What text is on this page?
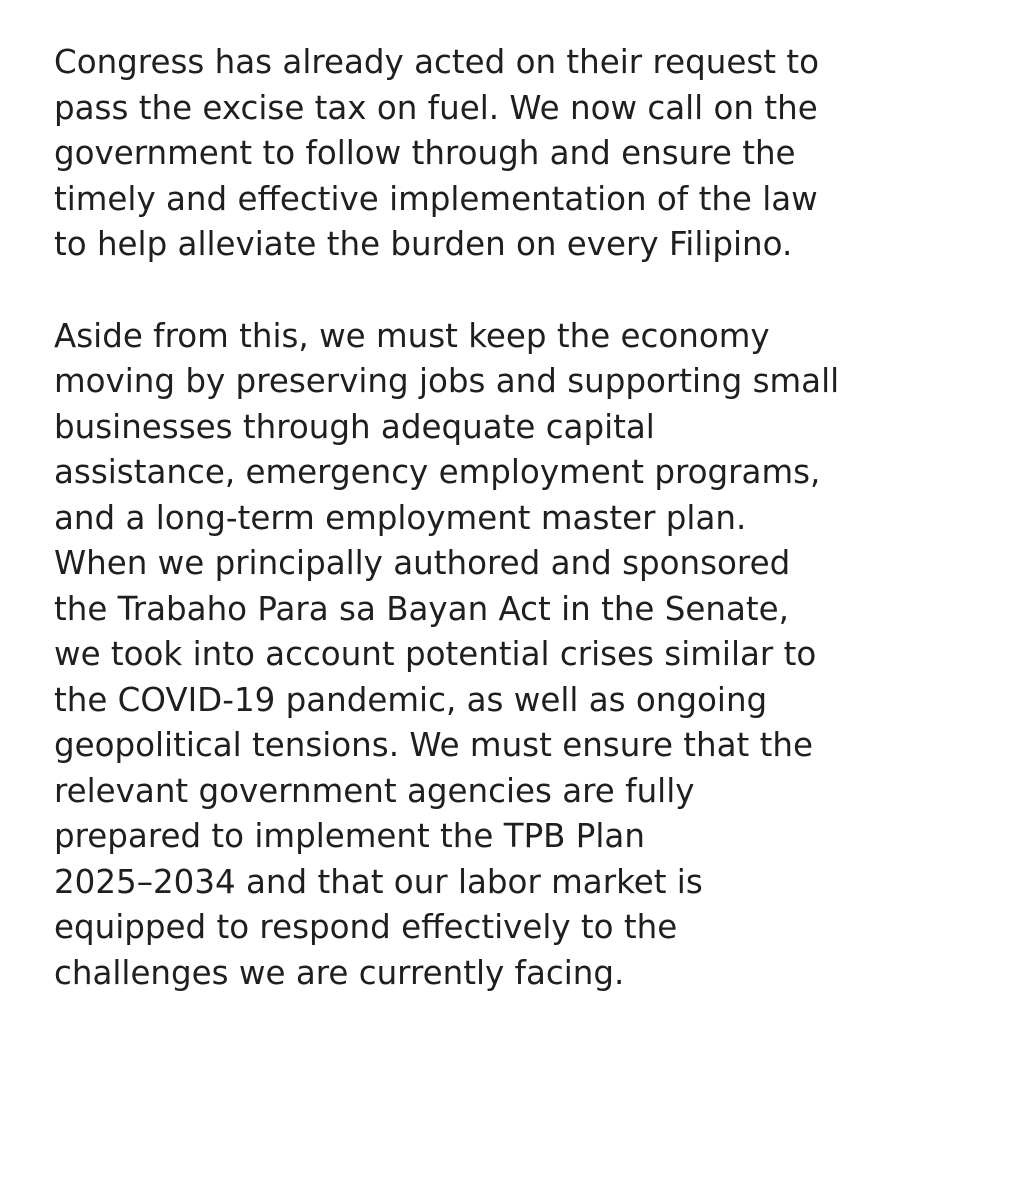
Congress has already acted on their request to
pass the excise tax on fuel. We now call on the
government to follow through and ensure the
timely and effective implementation of the law
to help alleviate the burden on every Filipino.
Aside from this, we must keep the economy
moving by preserving jobs and supporting small
businesses through adequate capital
assistance, emergency employment programs,
and a long-term employment master plan.
When we principally authored and sponsored
the Trabaho Para sa Bayan Act in the Senate,
we took into account potential crises similar to
the COVID-19 pandemic, as well as ongoing
geopolitical tensions. We must ensure that the
relevant government agencies are fully
prepared to implement the TPB Plan
2025–2034 and that our labor market is
equipped to respond effectively to the
challenges we are currently facing.
